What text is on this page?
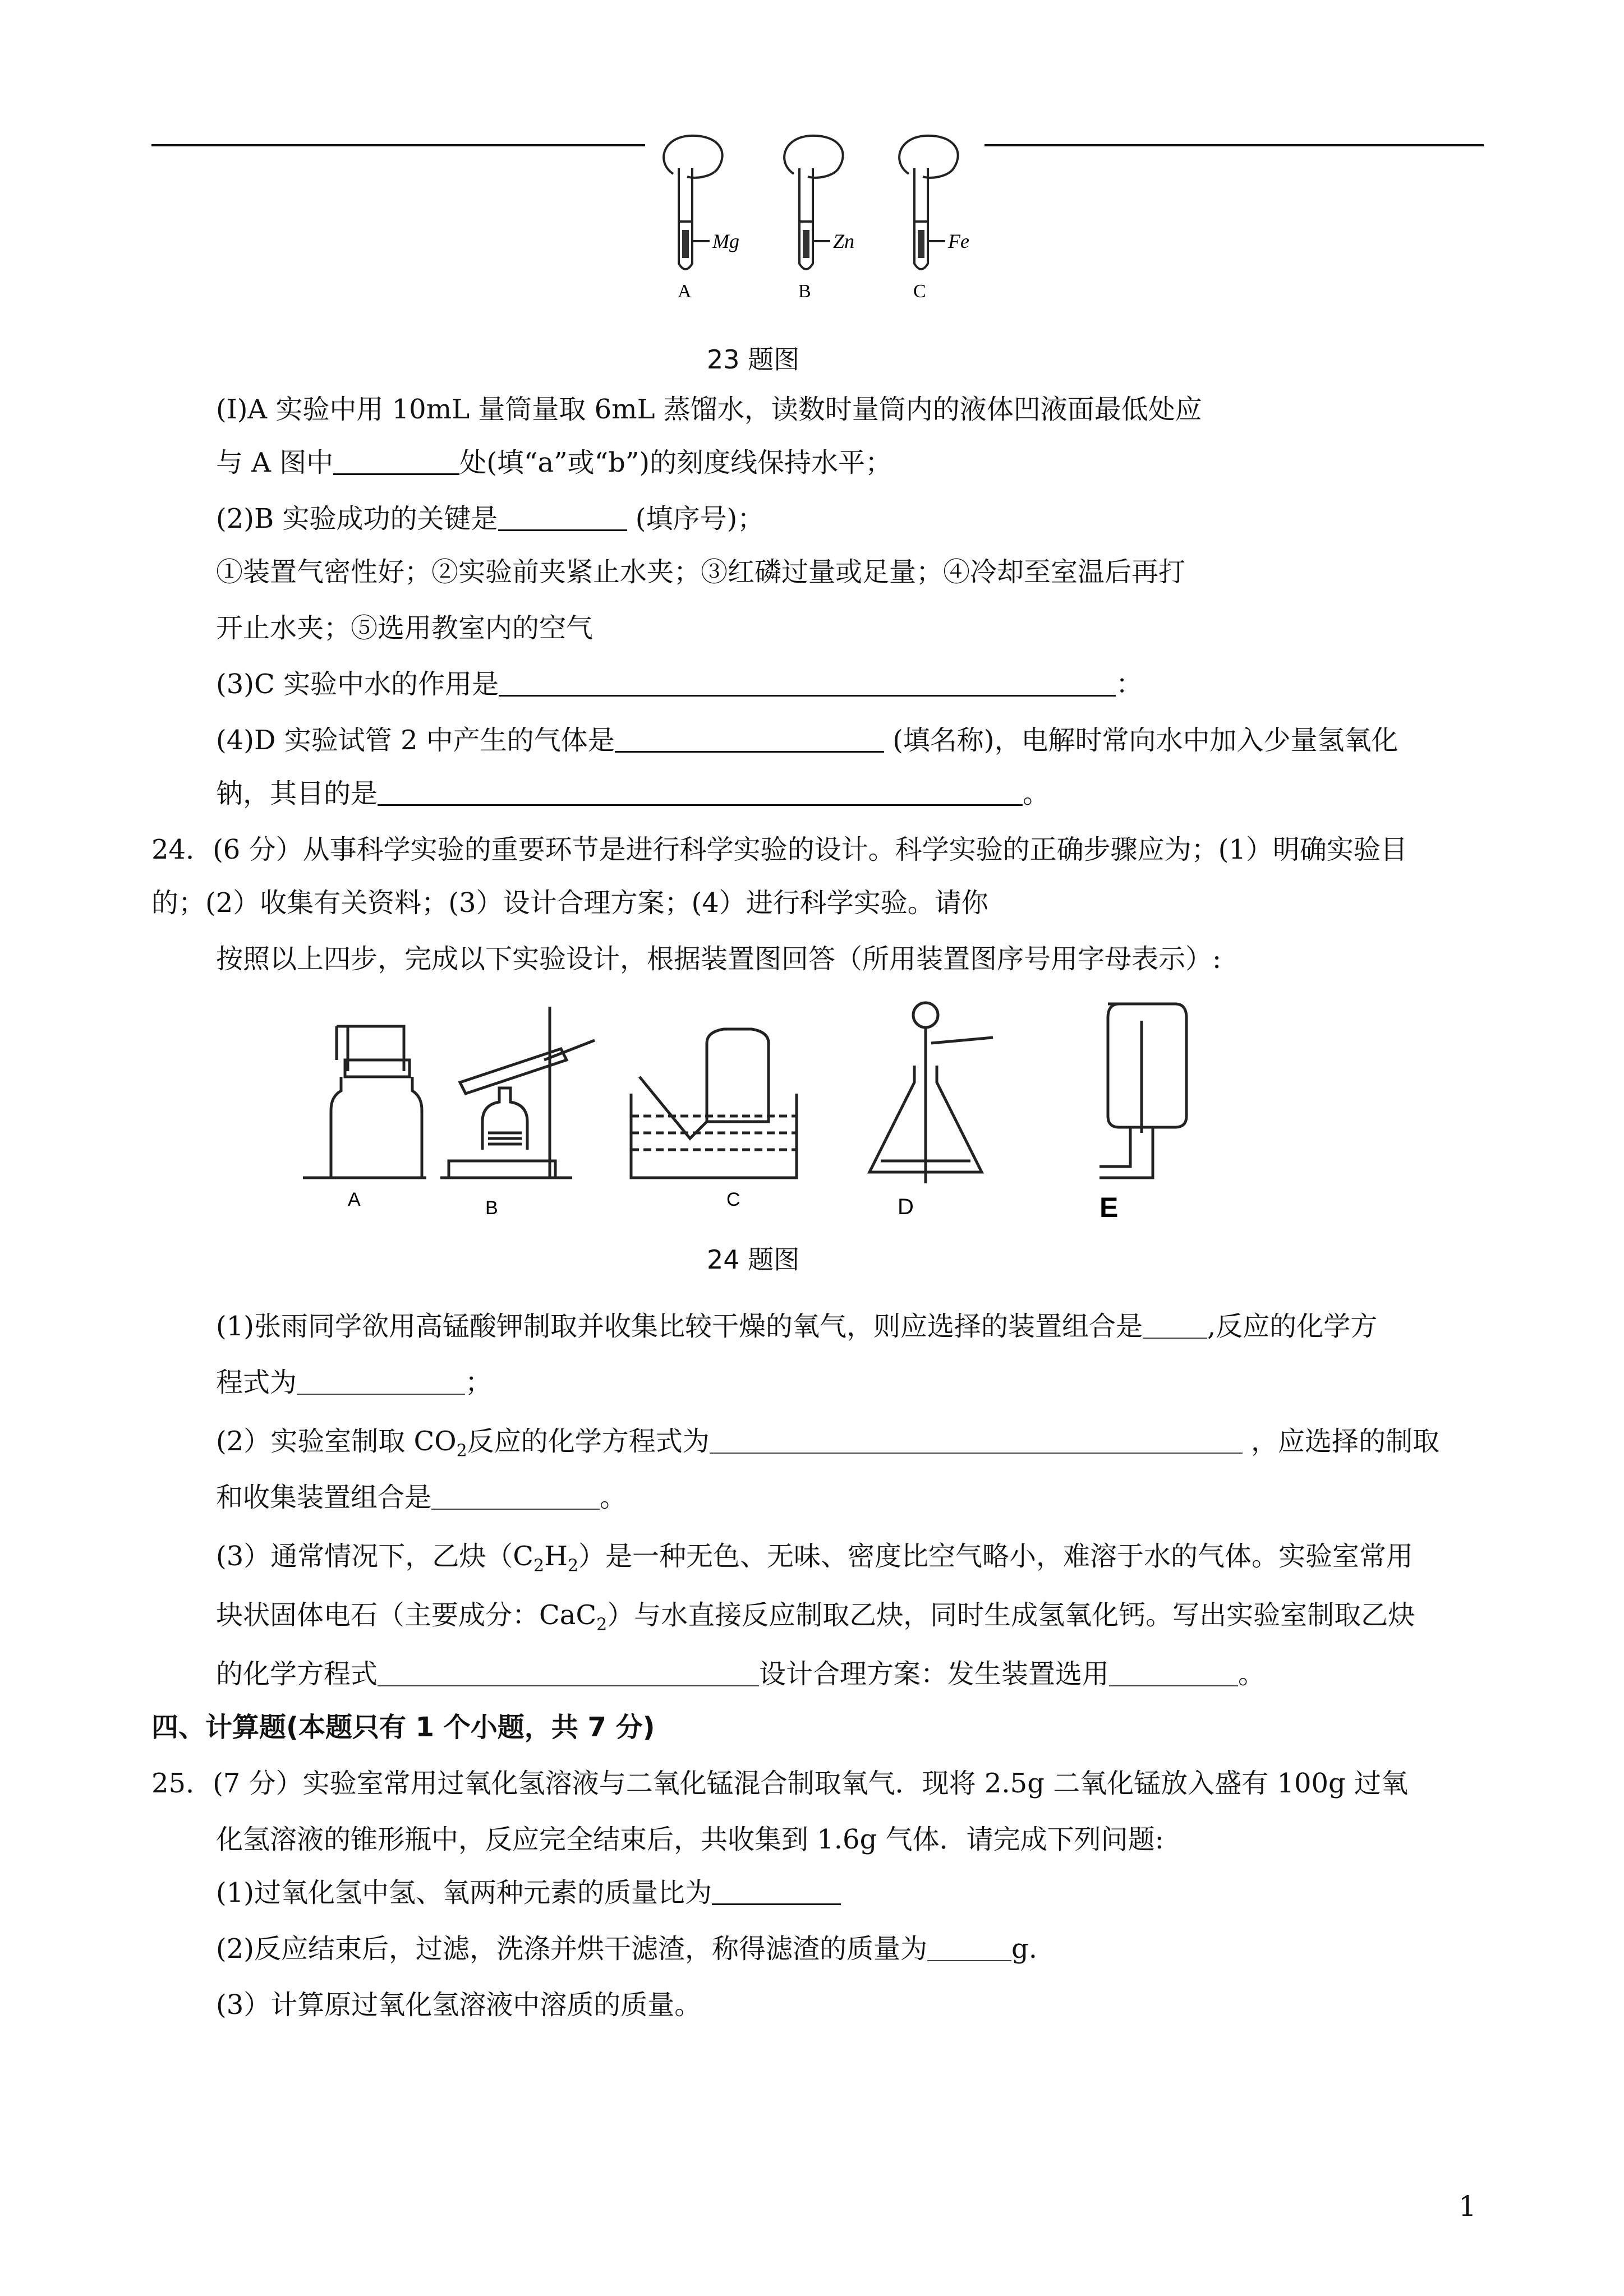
Mg	Zn	Fe
A	B	C
23 题图
(I)A 实验中用 10mL 量筒量取 6mL 蒸馏水，读数时量筒内的液体凹液面最低处应
与 A 图中	处(填“a”或“b”)的刻度线保持水平；
(2)B 实验成功的关键是	(填序号)；
①装置气密性好；②实验前夹紧止水夹；③红磷过量或足量；④冷却至室温后再打
开止水夹；⑤选用教室内的空气
(3)C 实验中水的作用是	：
(4)D 实验试管 2 中产生的气体是	(填名称)，电解时常向水中加入少量氢氧化
钠，其目的是	。
24．(6 分）从事科学实验的重要环节是进行科学实验的设计。科学实验的正确步骤应为；(1）明确实验目
的；(2）收集有关资料；(3）设计合理方案；(4）进行科学实验。请你
按照以上四步，完成以下实验设计，根据装置图回答（所用装置图序号用字母表示）:
A	B	C	D	E
24 题图
(1)张雨同学欲用高锰酸钾制取并收集比较干燥的氧气，则应选择的装置组合是 ,反应的化学方
程式为	；
(2）实验室制取 $CO_2$反应的化学方程式为	，应选择的制取
和收集装置组合是	。
(3）通常情况下，乙炔$(C_2H_2)$是一种无色、无味、密度比空气略小，难溶于水的气体。实验室常用
块状固体电石（主要成分：CaC$_2$）与水直接反应制取乙炔，同时生成氢氧化钙。写出实验室制取乙炔
的化学方程式	设计合理方案：发生装置选用	。
四、计算题(本题只有 1 个小题，共 7 分)
25．(7 分）实验室常用过氧化氢溶液与二氧化锰混合制取氧气．现将 2.5g 二氧化锰放入盛有 100g 过氧
化氢溶液的锥形瓶中，反应完全结束后，共收集到 1.6g 气体．请完成下列问题:
(1)过氧化氢中氢、氧两种元素的质量比为
(2)反应结束后，过滤，洗涤并烘干滤渣，称得滤渣的质量为	g.
(3）计算原过氧化氢溶液中溶质的质量。
1
